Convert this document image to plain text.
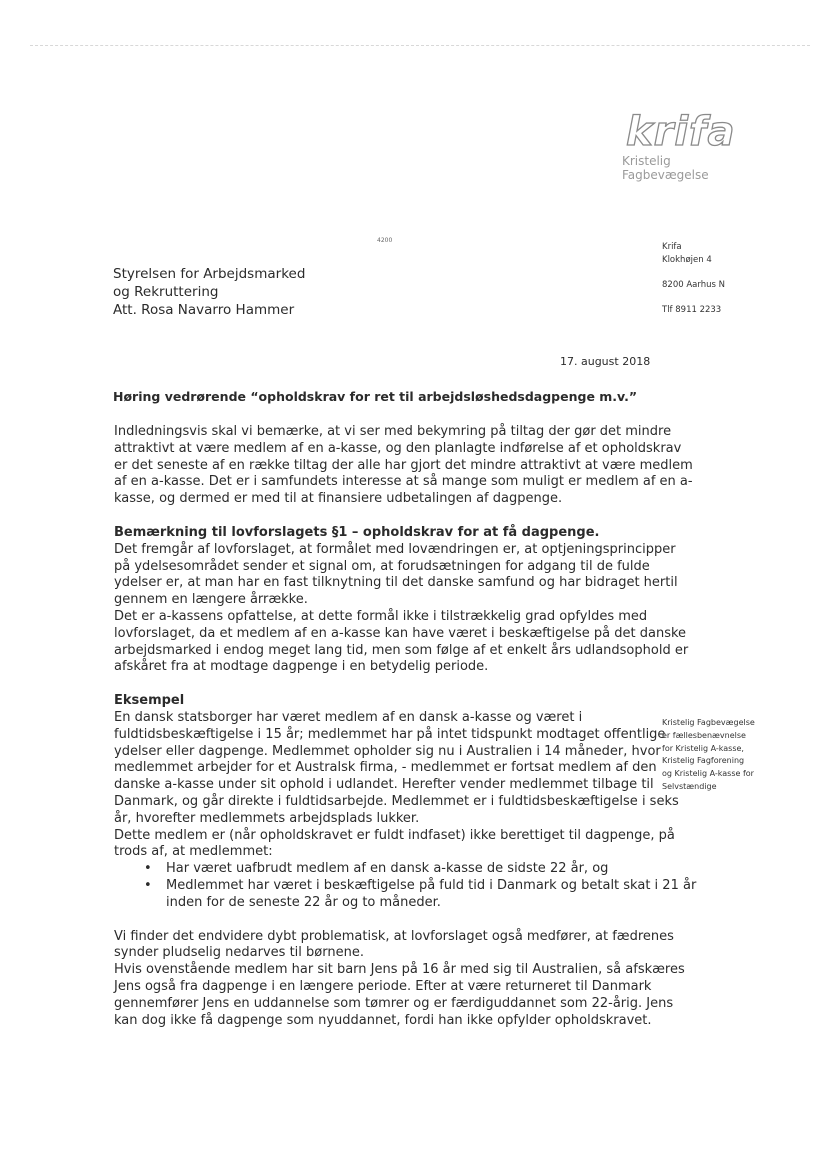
krifa
Kristelig Fagbevægelse
4200
Styrelsen for Arbejdsmarked
og Rekruttering
Att. Rosa Navarro Hammer
Krifa
Klokhøjen 4
8200 Aarhus N
Tlf 8911 2233
17. august 2018
Høring vedrørende “opholdskrav for ret til arbejdsløshedsdagpenge m.v.”
Indledningsvis skal vi bemærke, at vi ser med bekymring på tiltag der gør det mindre
attraktivt at være medlem af en a-kasse, og den planlagte indførelse af et opholdskrav
er det seneste af en række tiltag der alle har gjort det mindre attraktivt at være medlem
af en a-kasse. Det er i samfundets interesse at så mange som muligt er medlem af en a-
kasse, og dermed er med til at finansiere udbetalingen af dagpenge.
Bemærkning til lovforslagets §1 – opholdskrav for at få dagpenge.
Det fremgår af lovforslaget, at formålet med lovændringen er, at optjeningsprincipper
på ydelsesområdet sender et signal om, at forudsætningen for adgang til de fulde
ydelser er, at man har en fast tilknytning til det danske samfund og har bidraget hertil
gennem en længere årrække.
Det er a-kassens opfattelse, at dette formål ikke i tilstrækkelig grad opfyldes med
lovforslaget, da et medlem af en a-kasse kan have været i beskæftigelse på det danske
arbejdsmarked i endog meget lang tid, men som følge af et enkelt års udlandsophold er
afskåret fra at modtage dagpenge i en betydelig periode.
Eksempel
En dansk statsborger har været medlem af en dansk a-kasse og været i
fuldtidsbeskæftigelse i 15 år; medlemmet har på intet tidspunkt modtaget offentlige
ydelser eller dagpenge. Medlemmet opholder sig nu i Australien i 14 måneder, hvor
medlemmet arbejder for et Australsk firma, - medlemmet er fortsat medlem af den
danske a-kasse under sit ophold i udlandet. Herefter vender medlemmet tilbage til
Danmark, og går direkte i fuldtidsarbejde. Medlemmet er i fuldtidsbeskæftigelse i seks
år, hvorefter medlemmets arbejdsplads lukker.
Dette medlem er (når opholdskravet er fuldt indfaset) ikke berettiget til dagpenge, på
trods af, at medlemmet:
• Har været uafbrudt medlem af en dansk a-kasse de sidste 22 år, og
• Medlemmet har været i beskæftigelse på fuld tid i Danmark og betalt skat i 21 år
inden for de seneste 22 år og to måneder.
Vi finder det endvidere dybt problematisk, at lovforslaget også medfører, at fædrenes
synder pludselig nedarves til børnene.
Hvis ovenstående medlem har sit barn Jens på 16 år med sig til Australien, så afskæres
Jens også fra dagpenge i en længere periode. Efter at være returneret til Danmark
gennemfører Jens en uddannelse som tømrer og er færdiguddannet som 22-årig. Jens
kan dog ikke få dagpenge som nyuddannet, fordi han ikke opfylder opholdskravet.
Kristelig Fagbevægelse
er fællesbenævnelse
for Kristelig A-kasse,
Kristelig Fagforening
og Kristelig A-kasse for
Selvstændige
